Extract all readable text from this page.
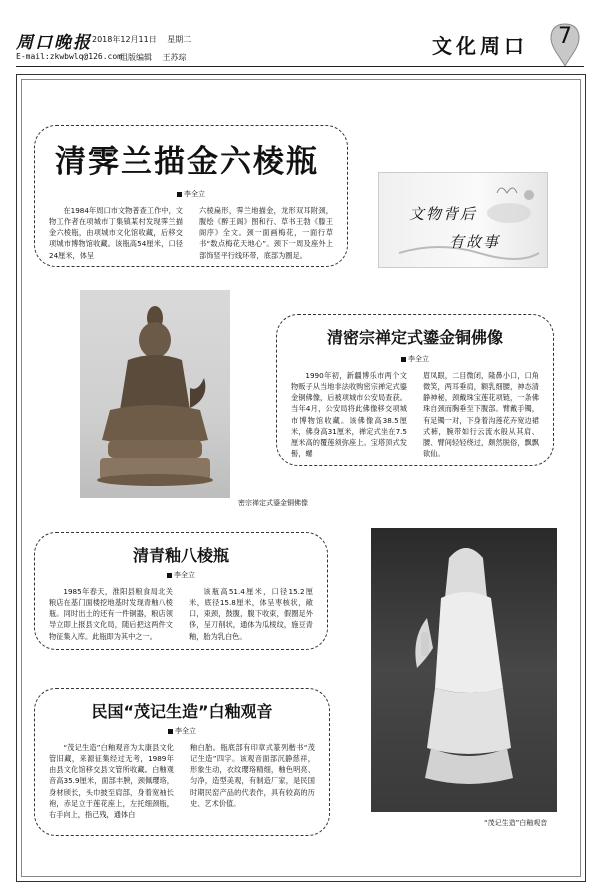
周口晚报 2018年12月11日 星期二
E-mail:zkwbwlq@126.com
组版编辑 王苏琮	文化周口	7
清霁兰描金六棱瓶
李全立
在1984年周口市文物普查工作中，文物工作者在项城市丁集镇某村发现霁兰描金六棱瓶，由项城市文化馆收藏，后移交项城市博物馆收藏。该瓶高54厘米，口径24厘米，体呈
六棱扁形，霁兰地描金，龙形双耳附颈，腹绘《醉王阁》图和行、草书王勃《滕王阁序》全文。颈一面画梅花，一面行草书“数点梅花天地心”。颈下一周及座外上部饰竖平行线环带，底部为圈足。
文物背后
有故事
密宗禅定式鎏金铜佛像
清密宗禅定式鎏金铜佛像
李全立
1990年初，新疆博乐市两个文物贩子从当地非法收购密宗禅定式鎏金铜佛像，后被项城市公安局查获。当年4月，公安局将此佛像移交项城市博物馆收藏。该佛像高38.5厘米，佛身高31厘米，禅定式坐在7.5厘米高的覆莲须弥座上。宝塔顶式发髻，螺
眉凤眼，二目微闭，隆鼻小口，口角微笑，两耳垂肩，额乳细腰，神态清静神秘，颈戴珠宝莲花项链，一条佛珠自颈而胸垂至下腹部。臂戴手镯，有足镯一对，下身着沟莲花卉宽边裙式裤，腕带如行云流水般从其肩、腰、臂间轻轻绕过，颇然脱俗，飘飘欲仙。
清青釉八棱瓶
李全立
1985年春天，淮阳县粮食局北关粮店在基门面楼挖地基时发现青釉八棱瓶。同时出土的还有一件铜器，粮店领导立即上报县文化局，随后把这两件文物征集入库。此瓶即为其中之一。
该瓶高51.4厘米，口径15.2厘米，底径15.8厘米，体呈枣核状，敞口，束颈，鼓腹，腹下收束，假圈足外侈，呈刀削状，通体为瓜棱纹，施豆青釉，胎为乳白色。
“茂记生造”白釉观音
民国“茂记生造”白釉观音
李全立
“茂记生造”白釉观音为太康县文化管旧藏，来源征集经过无考，1989年由县文化馆移交县文管所收藏。白釉观音高35.9厘米，面部丰腴，颈佩璎珞，身材颀长，头巾披至肩部，身着宽袖长袍，赤足立于莲花座上，左托细颈瓶，右手向上，指己残，通体白
釉白胎。瓶底部有印章式篆列楷书“茂记生造”四字。该观音面部沉静慈祥，形象生动，衣纹璎珞精细，釉色明亮、匀净，造型美观，有制造厂家，是民国时期民窑产品的代表作，具有较高的历史、艺术价值。
